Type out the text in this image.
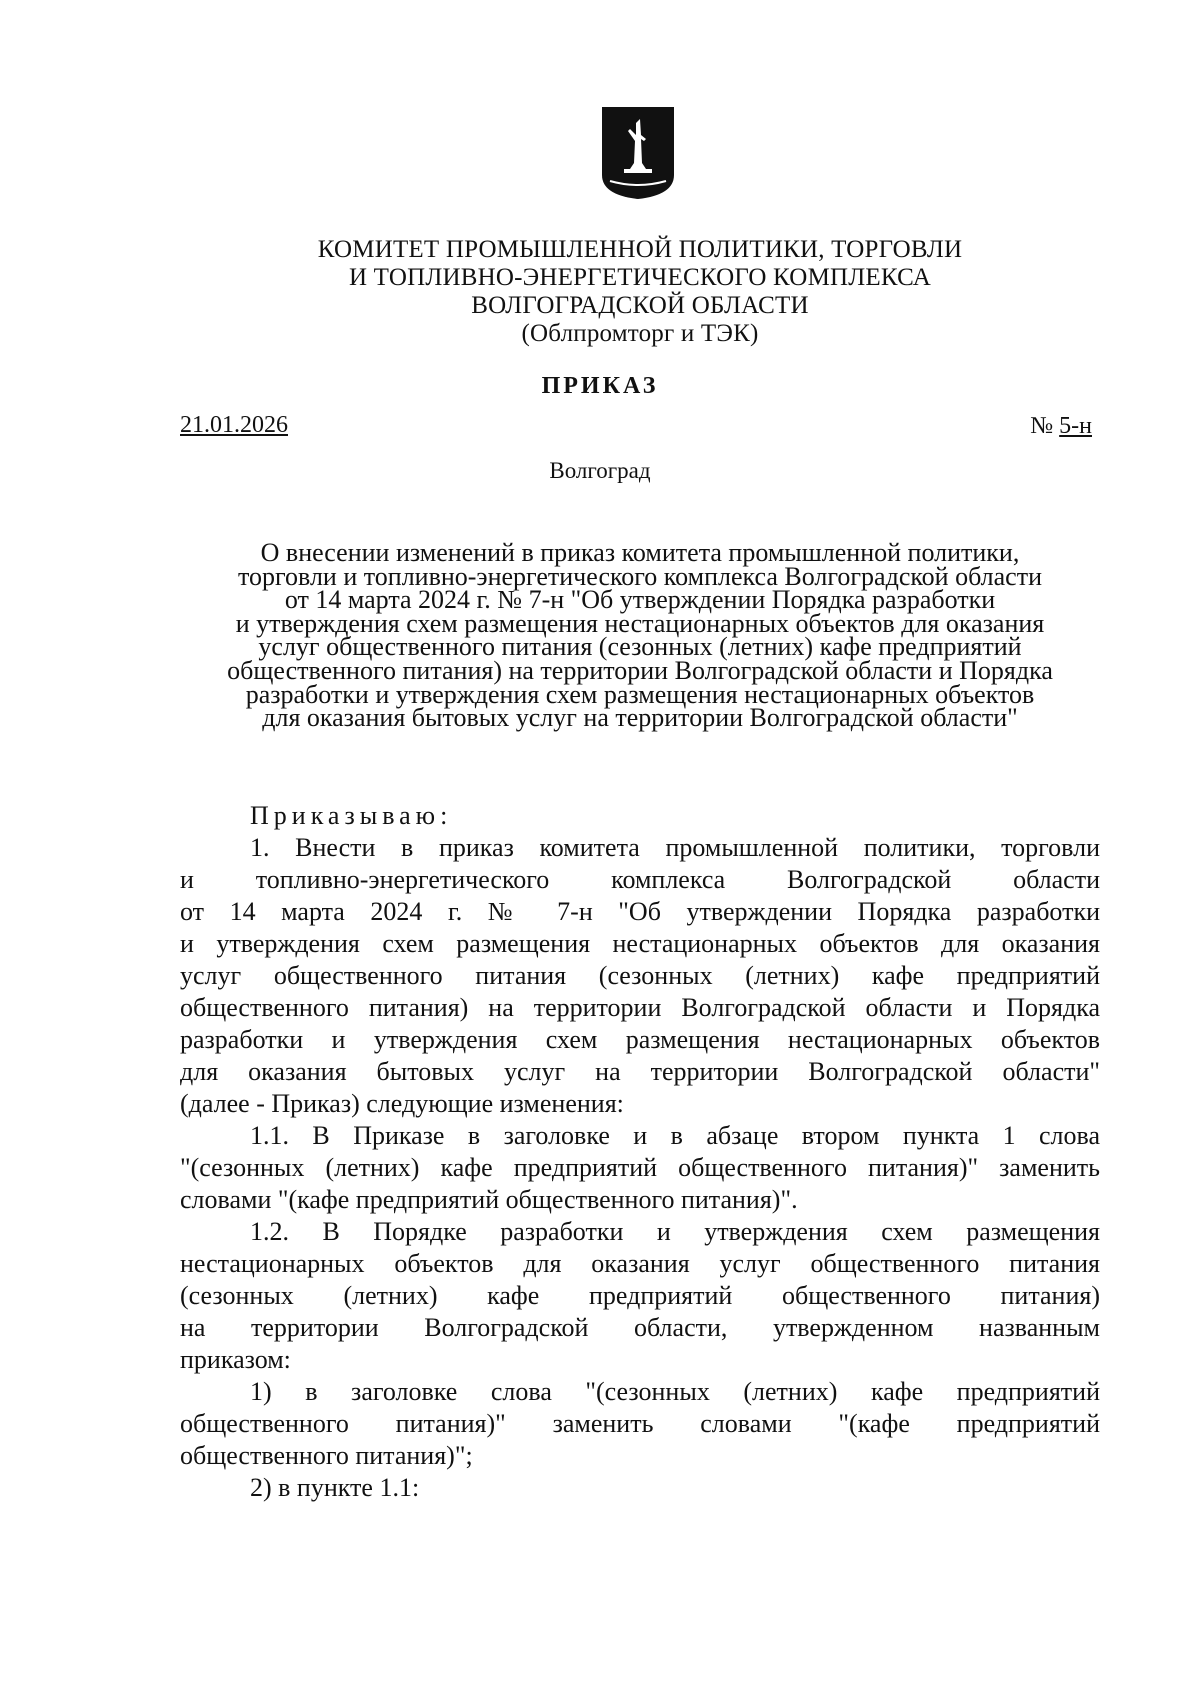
КОМИТЕТ ПРОМЫШЛЕННОЙ ПОЛИТИКИ, ТОРГОВЛИ
И ТОПЛИВНО-ЭНЕРГЕТИЧЕСКОГО КОМПЛЕКСА
ВОЛГОГРАДСКОЙ ОБЛАСТИ
(Облпромторг и ТЭК)
ПРИКАЗ
21.01.2026	№ 5-н
Волгоград
О внесении изменений в приказ комитета промышленной политики,
торговли и топливно-энергетического комплекса Волгоградской области
от 14 марта 2024 г. № 7-н "Об утверждении Порядка разработки
и утверждения схем размещения нестационарных объектов для оказания
услуг общественного питания (сезонных (летних) кафе предприятий
общественного питания) на территории Волгоградской области и Порядка
разработки и утверждения схем размещения нестационарных объектов
для оказания бытовых услуг на территории Волгоградской области"
Приказываю:
1. Внести в приказ комитета промышленной политики, торговли
и топливно-энергетического комплекса Волгоградской области
от 14 марта 2024 г. № 7-н "Об утверждении Порядка разработки
и утверждения схем размещения нестационарных объектов для оказания
услуг общественного питания (сезонных (летних) кафе предприятий
общественного питания) на территории Волгоградской области и Порядка
разработки и утверждения схем размещения нестационарных объектов
для оказания бытовых услуг на территории Волгоградской области"
(далее - Приказ) следующие изменения:
1.1. В Приказе в заголовке и в абзаце втором пункта 1 слова
"(сезонных (летних) кафе предприятий общественного питания)" заменить
словами "(кафе предприятий общественного питания)".
1.2. В Порядке разработки и утверждения схем размещения
нестационарных объектов для оказания услуг общественного питания
(сезонных (летних) кафе предприятий общественного питания)
на территории Волгоградской области, утвержденном названным
приказом:
1) в заголовке слова "(сезонных (летних) кафе предприятий
общественного питания)" заменить словами "(кафе предприятий
общественного питания)";
2) в пункте 1.1:
